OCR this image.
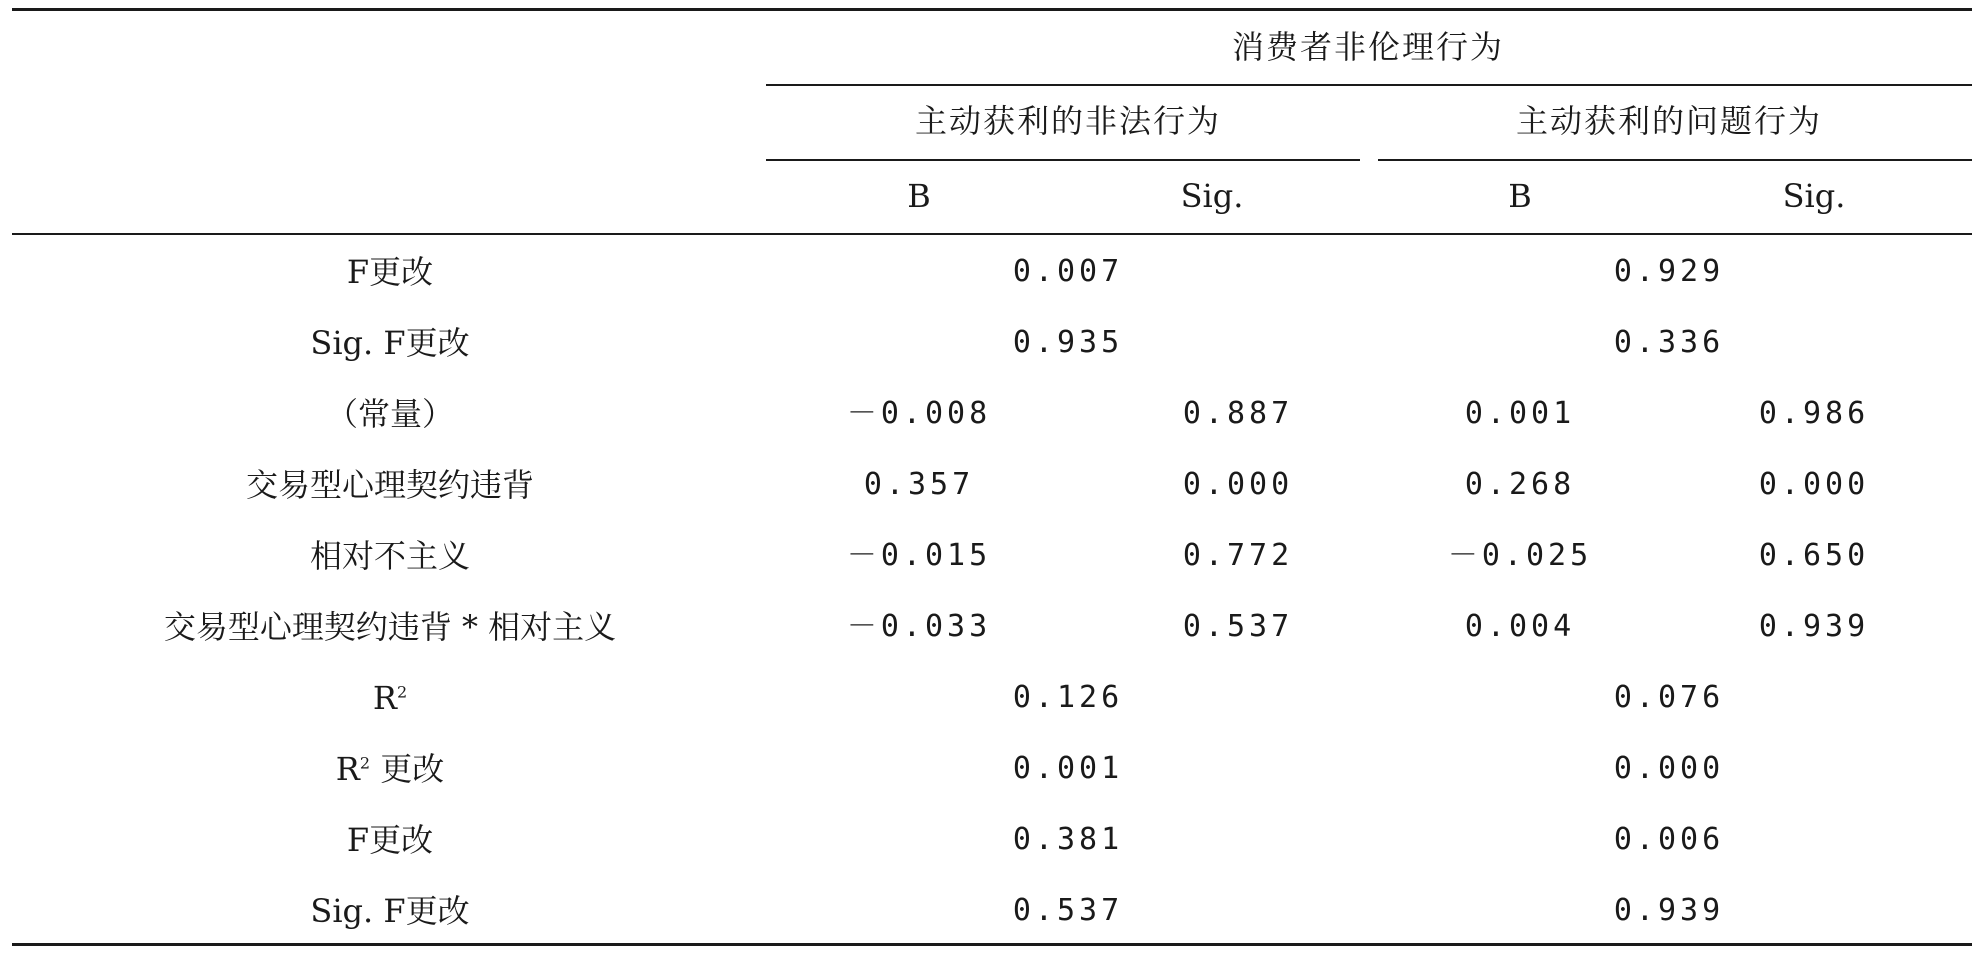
消费者非伦理行为
主动获利的非法行为	主动获利的问题行为
B	Sig.	B	Sig.
F更改	0.007	0.929
Sig. F更改	0.935	0.336
（常量）	－0.008	0.887	0.001	0.986
交易型心理契约违背	0.357	0.000	0.268	0.000
相对不主义	－0.015	0.772	－0.025	0.650
交易型心理契约违背 * 相对主义	－0.033	0.537	0.004	0.939
$R^2$	0.126	0.076
$R^2$ 更改	0.001	0.000
F更改	0.381	0.006
Sig. F更改	0.537	0.939
